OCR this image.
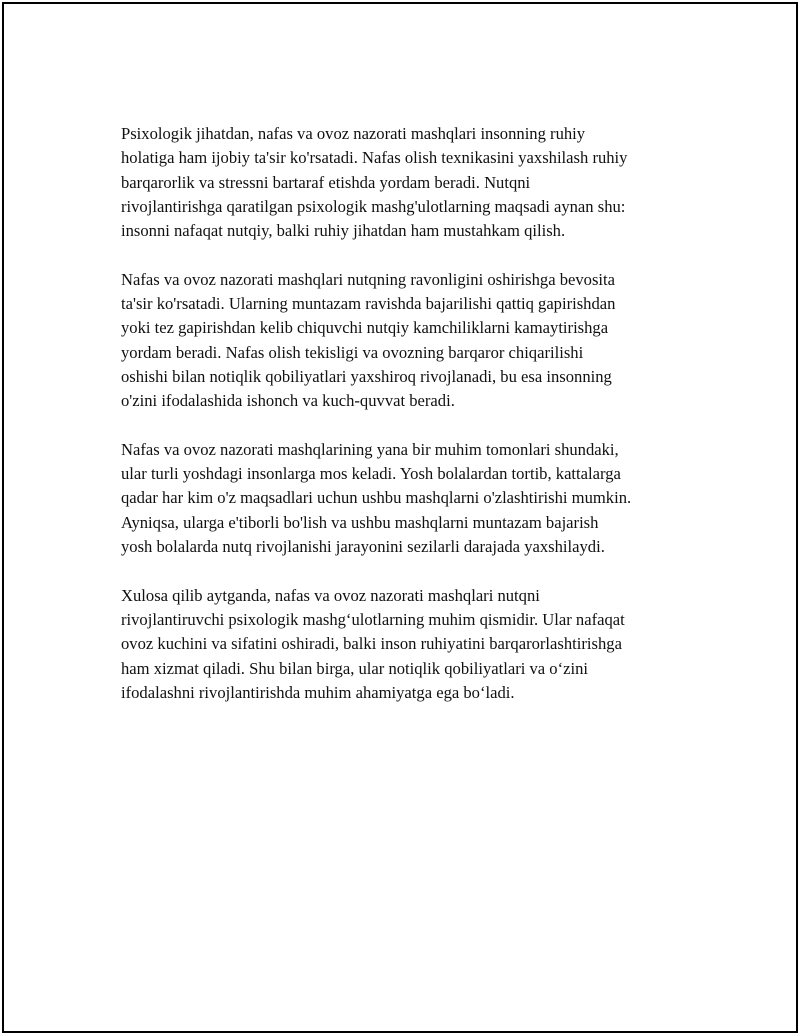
Psixologik jihatdan, nafas va ovoz nazorati mashqlari insonning ruhiy
holatiga ham ijobiy ta'sir ko'rsatadi. Nafas olish texnikasini yaxshilash ruhiy
barqarorlik va stressni bartaraf etishda yordam beradi. Nutqni
rivojlantirishga qaratilgan psixologik mashg'ulotlarning maqsadi aynan shu:
insonni nafaqat nutqiy, balki ruhiy jihatdan ham mustahkam qilish.

Nafas va ovoz nazorati mashqlari nutqning ravonligini oshirishga bevosita
ta'sir ko'rsatadi. Ularning muntazam ravishda bajarilishi qattiq gapirishdan
yoki tez gapirishdan kelib chiquvchi nutqiy kamchiliklarni kamaytirishga
yordam beradi. Nafas olish tekisligi va ovozning barqaror chiqarilishi
oshishi bilan notiqlik qobiliyatlari yaxshiroq rivojlanadi, bu esa insonning
o'zini ifodalashida ishonch va kuch-quvvat beradi.

Nafas va ovoz nazorati mashqlarining yana bir muhim tomonlari shundaki,
ular turli yoshdagi insonlarga mos keladi. Yosh bolalardan tortib, kattalarga
qadar har kim o'z maqsadlari uchun ushbu mashqlarni o'zlashtirishi mumkin.
Ayniqsa, ularga e'tiborli bo'lish va ushbu mashqlarni muntazam bajarish
yosh bolalarda nutq rivojlanishi jarayonini sezilarli darajada yaxshilaydi.

Xulosa qilib aytganda, nafas va ovoz nazorati mashqlari nutqni
rivojlantiruvchi psixologik mashg‘ulotlarning muhim qismidir. Ular nafaqat
ovoz kuchini va sifatini oshiradi, balki inson ruhiyatini barqarorlashtirishga
ham xizmat qiladi. Shu bilan birga, ular notiqlik qobiliyatlari va o‘zini
ifodalashni rivojlantirishda muhim ahamiyatga ega bo‘ladi.
